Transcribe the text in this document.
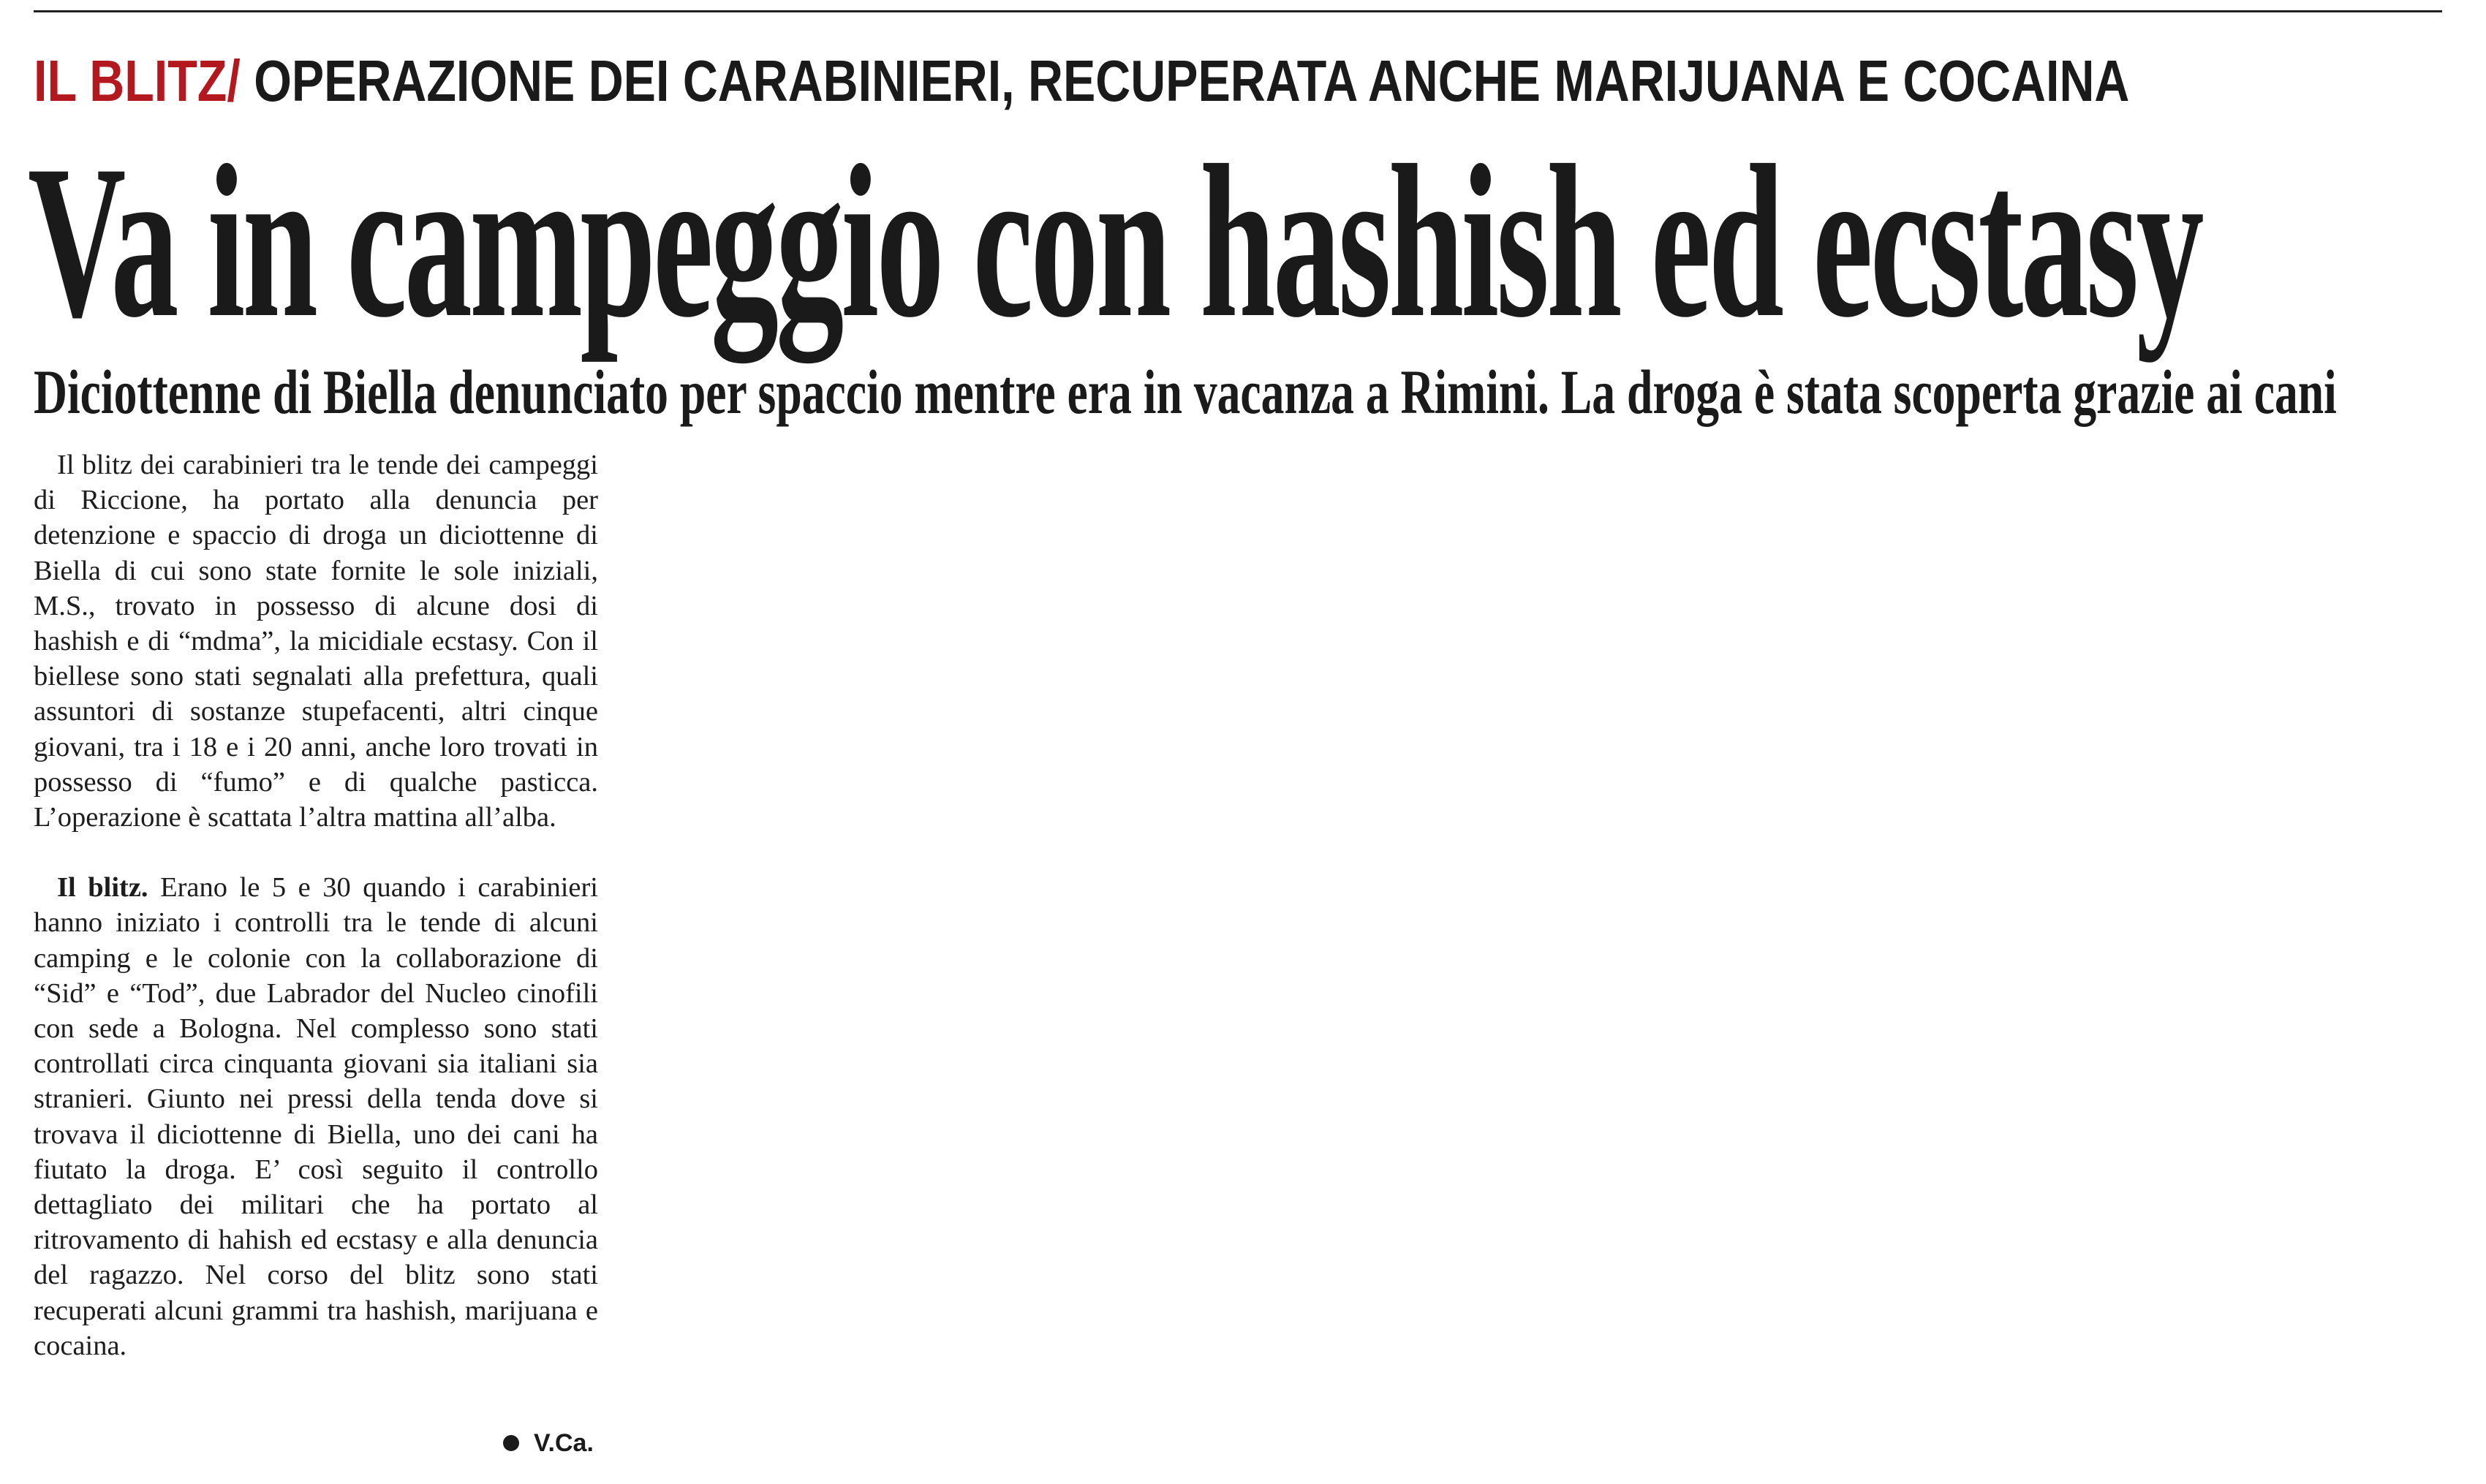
IL BLITZ/ OPERAZIONE DEI CARABINIERI, RECUPERATA ANCHE MARIJUANA E COCAINA
Va in campeggio con hashish ed ecstasy
Diciottenne di Biella denunciato per spaccio mentre era in vacanza a Rimini. La droga è stata scoperta grazie ai cani

Il blitz dei carabinieri tra le tende dei campeggi di Riccione, ha portato alla denuncia per detenzione e spaccio di droga un diciottenne di Biella di cui sono state fornite le sole iniziali, M.S., trovato in possesso di alcune dosi di hashish e di “mdma”, la micidiale ecstasy. Con il biellese sono stati segnalati alla prefettura, quali assuntori di sostanze stupefacenti, altri cinque giovani, tra i 18 e i 20 anni, anche loro trovati in possesso di “fumo” e di qualche pasticca. L’operazione è scattata l’altra mattina all’alba.

Il blitz. Erano le 5 e 30 quando i carabinieri hanno iniziato i controlli tra le tende di alcuni camping e le colonie con la collaborazione di “Sid” e “Tod”, due Labrador del Nucleo cinofili con sede a Bologna. Nel complesso sono stati controllati circa cinquanta giovani sia italiani sia stranieri. Giunto nei pressi della tenda dove si trovava il diciottenne di Biella, uno dei cani ha fiutato la droga. E’ così seguito il controllo dettagliato dei militari che ha portato al ritrovamento di hahish ed ecstasy e alla denuncia del ragazzo. Nel corso del blitz sono stati recuperati alcuni grammi tra hashish, marijuana e cocaina.

V.Ca.
